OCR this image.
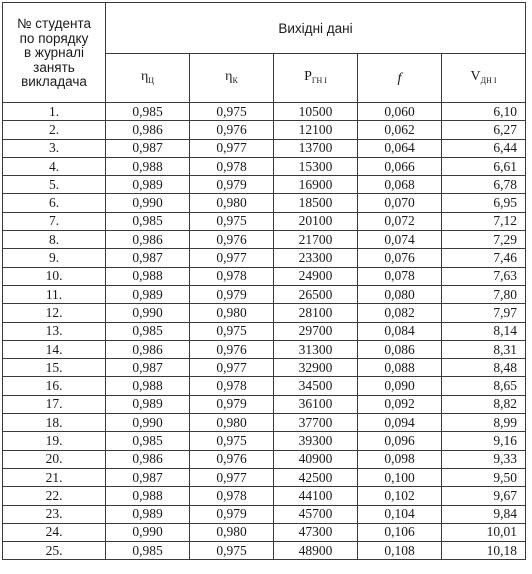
№ студента
по порядку
в журналі
занять
викладача	Вихідні дані				
	$\eta_Ц$	$\eta_К$	$P_{ГН І}$	f	$V_{ДН І}$
1.	0,985	0,975	10500	0,060	6,10
2.	0,986	0,976	12100	0,062	6,27
3.	0,987	0,977	13700	0,064	6,44
4.	0,988	0,978	15300	0,066	6,61
5.	0,989	0,979	16900	0,068	6,78
6.	0,990	0,980	18500	0,070	6,95
7.	0,985	0,975	20100	0,072	7,12
8.	0,986	0,976	21700	0,074	7,29
9.	0,987	0,977	23300	0,076	7,46
10.	0,988	0,978	24900	0,078	7,63
11.	0,989	0,979	26500	0,080	7,80
12.	0,990	0,980	28100	0,082	7,97
13.	0,985	0,975	29700	0,084	8,14
14.	0,986	0,976	31300	0,086	8,31
15.	0,987	0,977	32900	0,088	8,48
16.	0,988	0,978	34500	0,090	8,65
17.	0,989	0,979	36100	0,092	8,82
18.	0,990	0,980	37700	0,094	8,99
19.	0,985	0,975	39300	0,096	9,16
20.	0,986	0,976	40900	0,098	9,33
21.	0,987	0,977	42500	0,100	9,50
22.	0,988	0,978	44100	0,102	9,67
23.	0,989	0,979	45700	0,104	9,84
24.	0,990	0,980	47300	0,106	10,01
25.	0,985	0,975	48900	0,108	10,18
